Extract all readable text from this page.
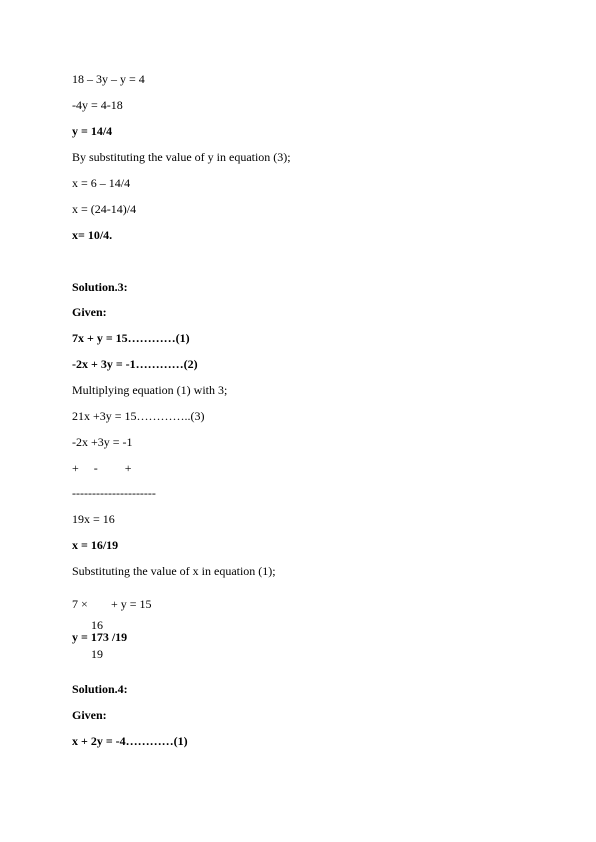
18 – 3y – y = 4
-4y = 4-18
y = 14/4
By substituting the value of y in equation (3);
x = 6 – 14/4
x = (24-14)/4
x= 10/4.
Solution.3:
Given:
7x + y = 15…………(1)
-2x + 3y = -1…………(2)
Multiplying equation (1) with 3;
21x +3y = 15…………..(3)
-2x +3y = -1
+     -         +
---------------------
19x = 16
x = 16/19
Substituting the value of x in equation (1);
y = 173 /19
Solution.4:
Given:
x + 2y = -4…………(1)
7 ×

16

19

+ y = 15
